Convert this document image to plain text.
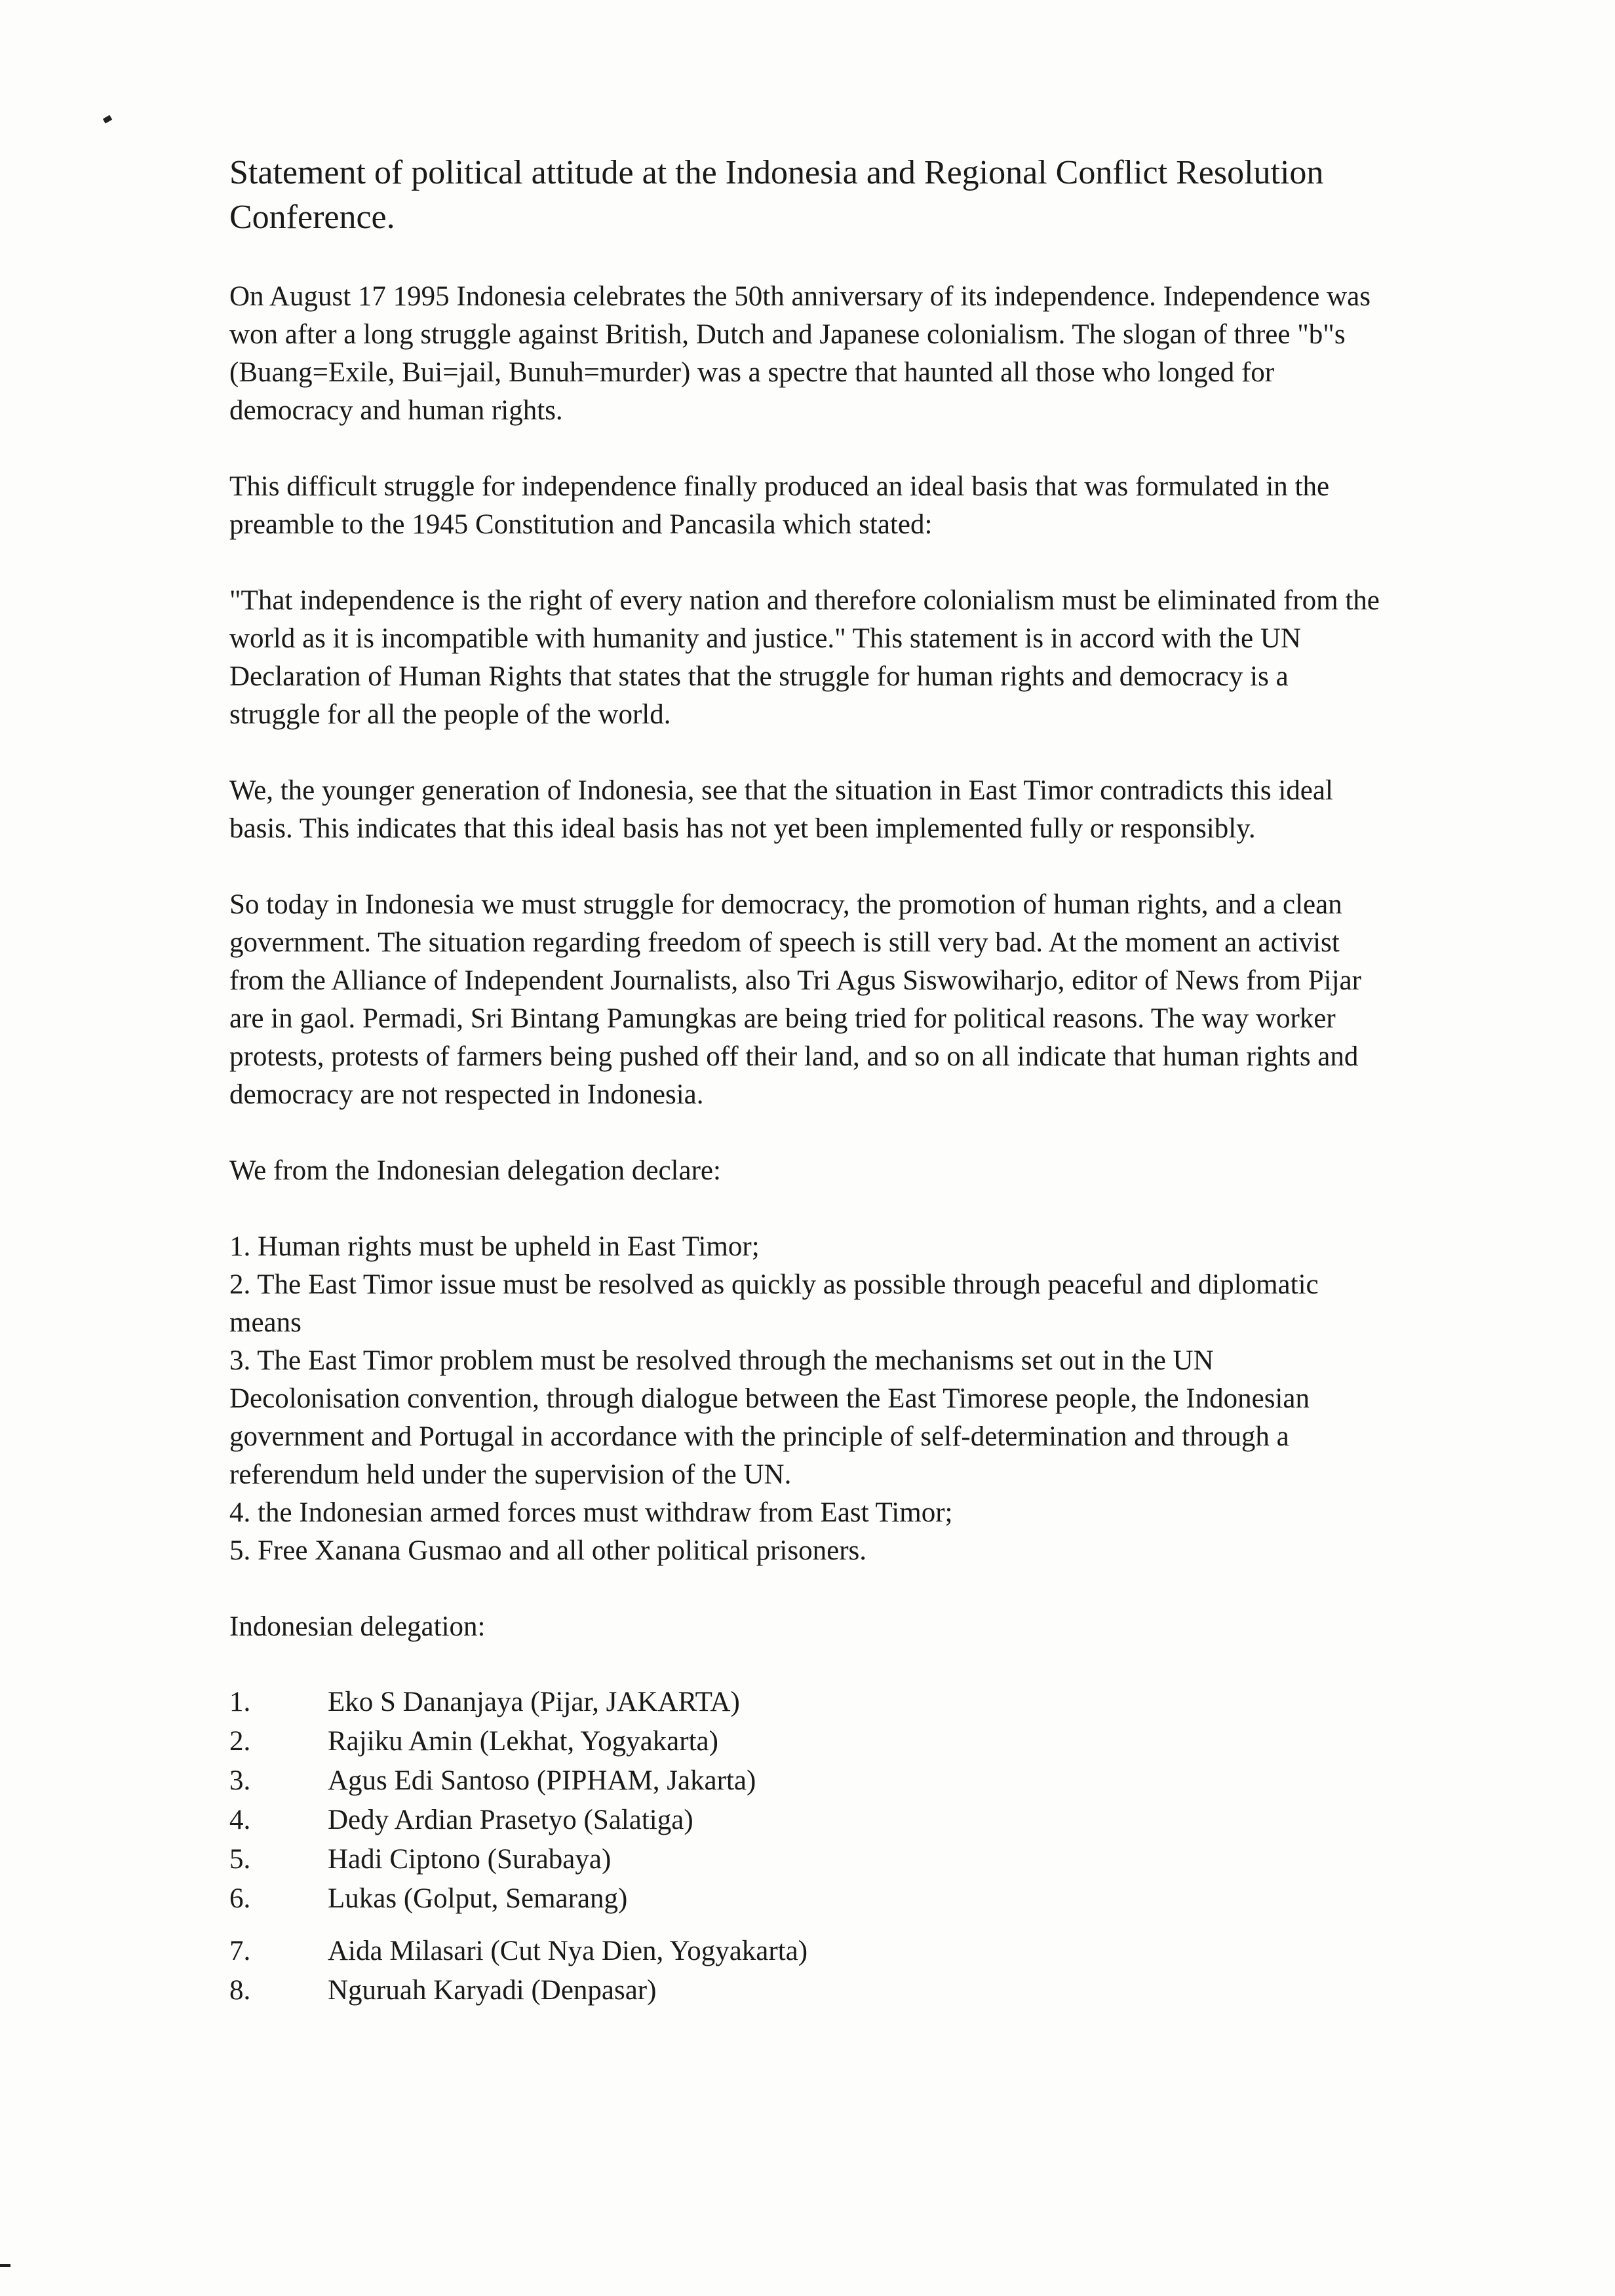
Statement of political attitude at the Indonesia and Regional Conflict Resolution Conference.

On August 17 1995 Indonesia celebrates the 50th anniversary of its independence. Independence was won after a long struggle against British, Dutch and Japanese colonialism. The slogan of three "b"s (Buang=Exile, Bui=jail, Bunuh=murder) was a spectre that haunted all those who longed for democracy and human rights.

This difficult struggle for independence finally produced an ideal basis that was formulated in the preamble to the 1945 Constitution and Pancasila which stated:

"That independence is the right of every nation and therefore colonialism must be eliminated from the world as it is incompatible with humanity and justice." This statement is in accord with the UN Declaration of Human Rights that states that the struggle for human rights and democracy is a struggle for all the people of the world.

We, the younger generation of Indonesia, see that the situation in East Timor contradicts this ideal basis. This indicates that this ideal basis has not yet been implemented fully or responsibly.

So today in Indonesia we must struggle for democracy, the promotion of human rights, and a clean government. The situation regarding freedom of speech is still very bad. At the moment an activist from the Alliance of Independent Journalists, also Tri Agus Siswowiharjo, editor of News from Pijar are in gaol. Permadi, Sri Bintang Pamungkas are being tried for political reasons. The way worker protests, protests of farmers being pushed off their land, and so on all indicate that human rights and democracy are not respected in Indonesia.

We from the Indonesian delegation declare:

1. Human rights must be upheld in East Timor;
2. The East Timor issue must be resolved as quickly as possible through peaceful and diplomatic means
3. The East Timor problem must be resolved through the mechanisms set out in the UN Decolonisation convention, through dialogue between the East Timorese people, the Indonesian government and Portugal in accordance with the principle of self-determination and through a referendum held under the supervision of the UN.
4. the Indonesian armed forces must withdraw from East Timor;
5. Free Xanana Gusmao and all other political prisoners.

Indonesian delegation:

1.	Eko S Dananjaya (Pijar, JAKARTA)
2.	Rajiku Amin (Lekhat, Yogyakarta)
3.	Agus Edi Santoso (PIPHAM, Jakarta)
4.	Dedy Ardian Prasetyo (Salatiga)
5.	Hadi Ciptono (Surabaya)
6.	Lukas (Golput, Semarang)
7.	Aida Milasari (Cut Nya Dien, Yogyakarta)
8.	Nguruah Karyadi (Denpasar)
